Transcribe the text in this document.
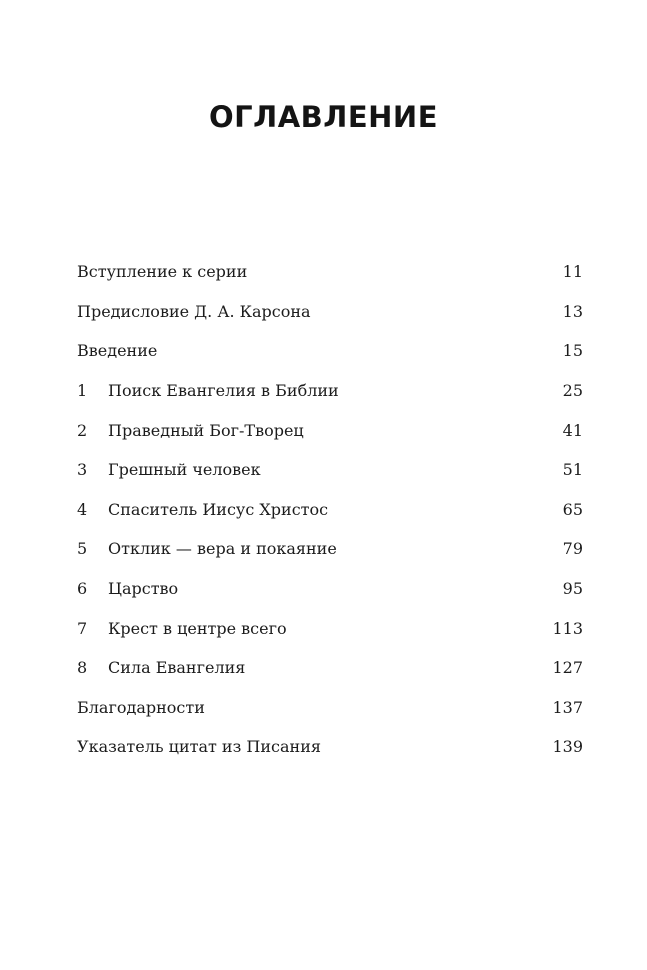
ОГЛАВЛЕНИЕ
Вступление к серии	11
Предисловие Д. А. Карсона	13
Введение	15
1	Поиск Евангелия в Библии	25
2	Праведный Бог-Творец	41
3	Грешный человек	51
4	Спаситель Иисус Христос	65
5	Отклик — вера и покаяние	79
6	Царство	95
7	Крест в центре всего	113
8	Сила Евангелия	127
Благодарности	137
Указатель цитат из Писания	139
